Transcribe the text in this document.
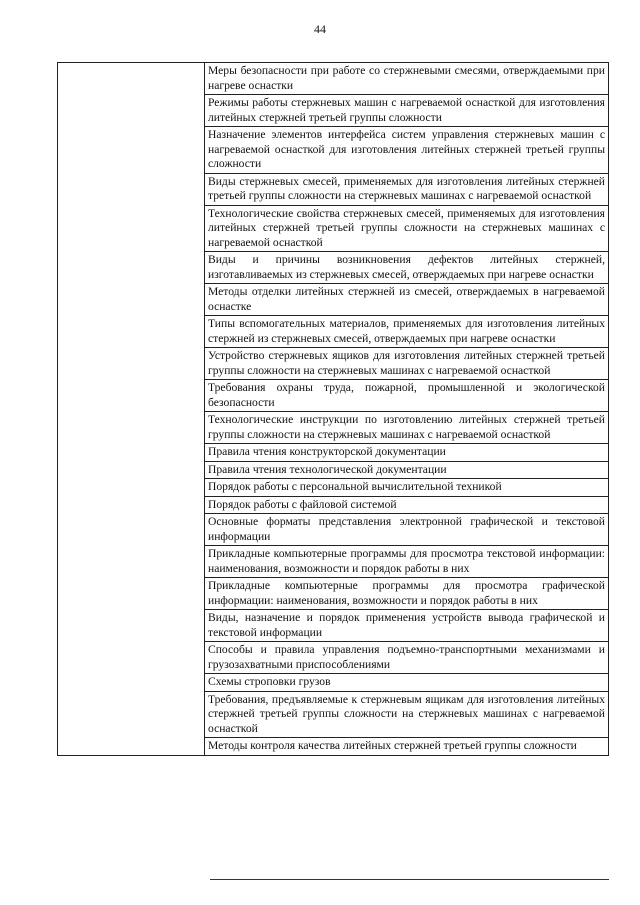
44

Меры безопасности при работе со стержневыми смесями, отверждаемыми при нагреве оснастки

Режимы работы стержневых машин с нагреваемой оснасткой для изготовления литейных стержней третьей группы сложности

Назначение элементов интерфейса систем управления стержневых машин с нагреваемой оснасткой для изготовления литейных стержней третьей группы сложности

Виды стержневых смесей, применяемых для изготовления литейных стержней третьей группы сложности на стержневых машинах с нагреваемой оснасткой

Технологические свойства стержневых смесей, применяемых для изготовления литейных стержней третьей группы сложности на стержневых машинах с нагреваемой оснасткой

Виды и причины возникновения дефектов литейных стержней, изготавливаемых из стержневых смесей, отверждаемых при нагреве оснастки

Методы отделки литейных стержней из смесей, отверждаемых в нагреваемой оснастке

Типы вспомогательных материалов, применяемых для изготовления литейных стержней из стержневых смесей, отверждаемых при нагреве оснастки

Устройство стержневых ящиков для изготовления литейных стержней третьей группы сложности на стержневых машинах с нагреваемой оснасткой

Требования охраны труда, пожарной, промышленной и экологической безопасности

Технологические инструкции по изготовлению литейных стержней третьей группы сложности на стержневых машинах с нагреваемой оснасткой

Правила чтения конструкторской документации

Правила чтения технологической документации

Порядок работы с персональной вычислительной техникой

Порядок работы с файловой системой

Основные форматы представления электронной графической и текстовой информации

Прикладные компьютерные программы для просмотра текстовой информации: наименования, возможности и порядок работы в них

Прикладные компьютерные программы для просмотра графической информации: наименования, возможности и порядок работы в них

Виды, назначение и порядок применения устройств вывода графической и текстовой информации

Способы и правила управления подъемно-транспортными механизмами и грузозахватными приспособлениями

Схемы строповки грузов

Требования, предъявляемые к стержневым ящикам для изготовления литейных стержней третьей группы сложности на стержневых машинах с нагреваемой оснасткой

Методы контроля качества литейных стержней третьей группы сложности
